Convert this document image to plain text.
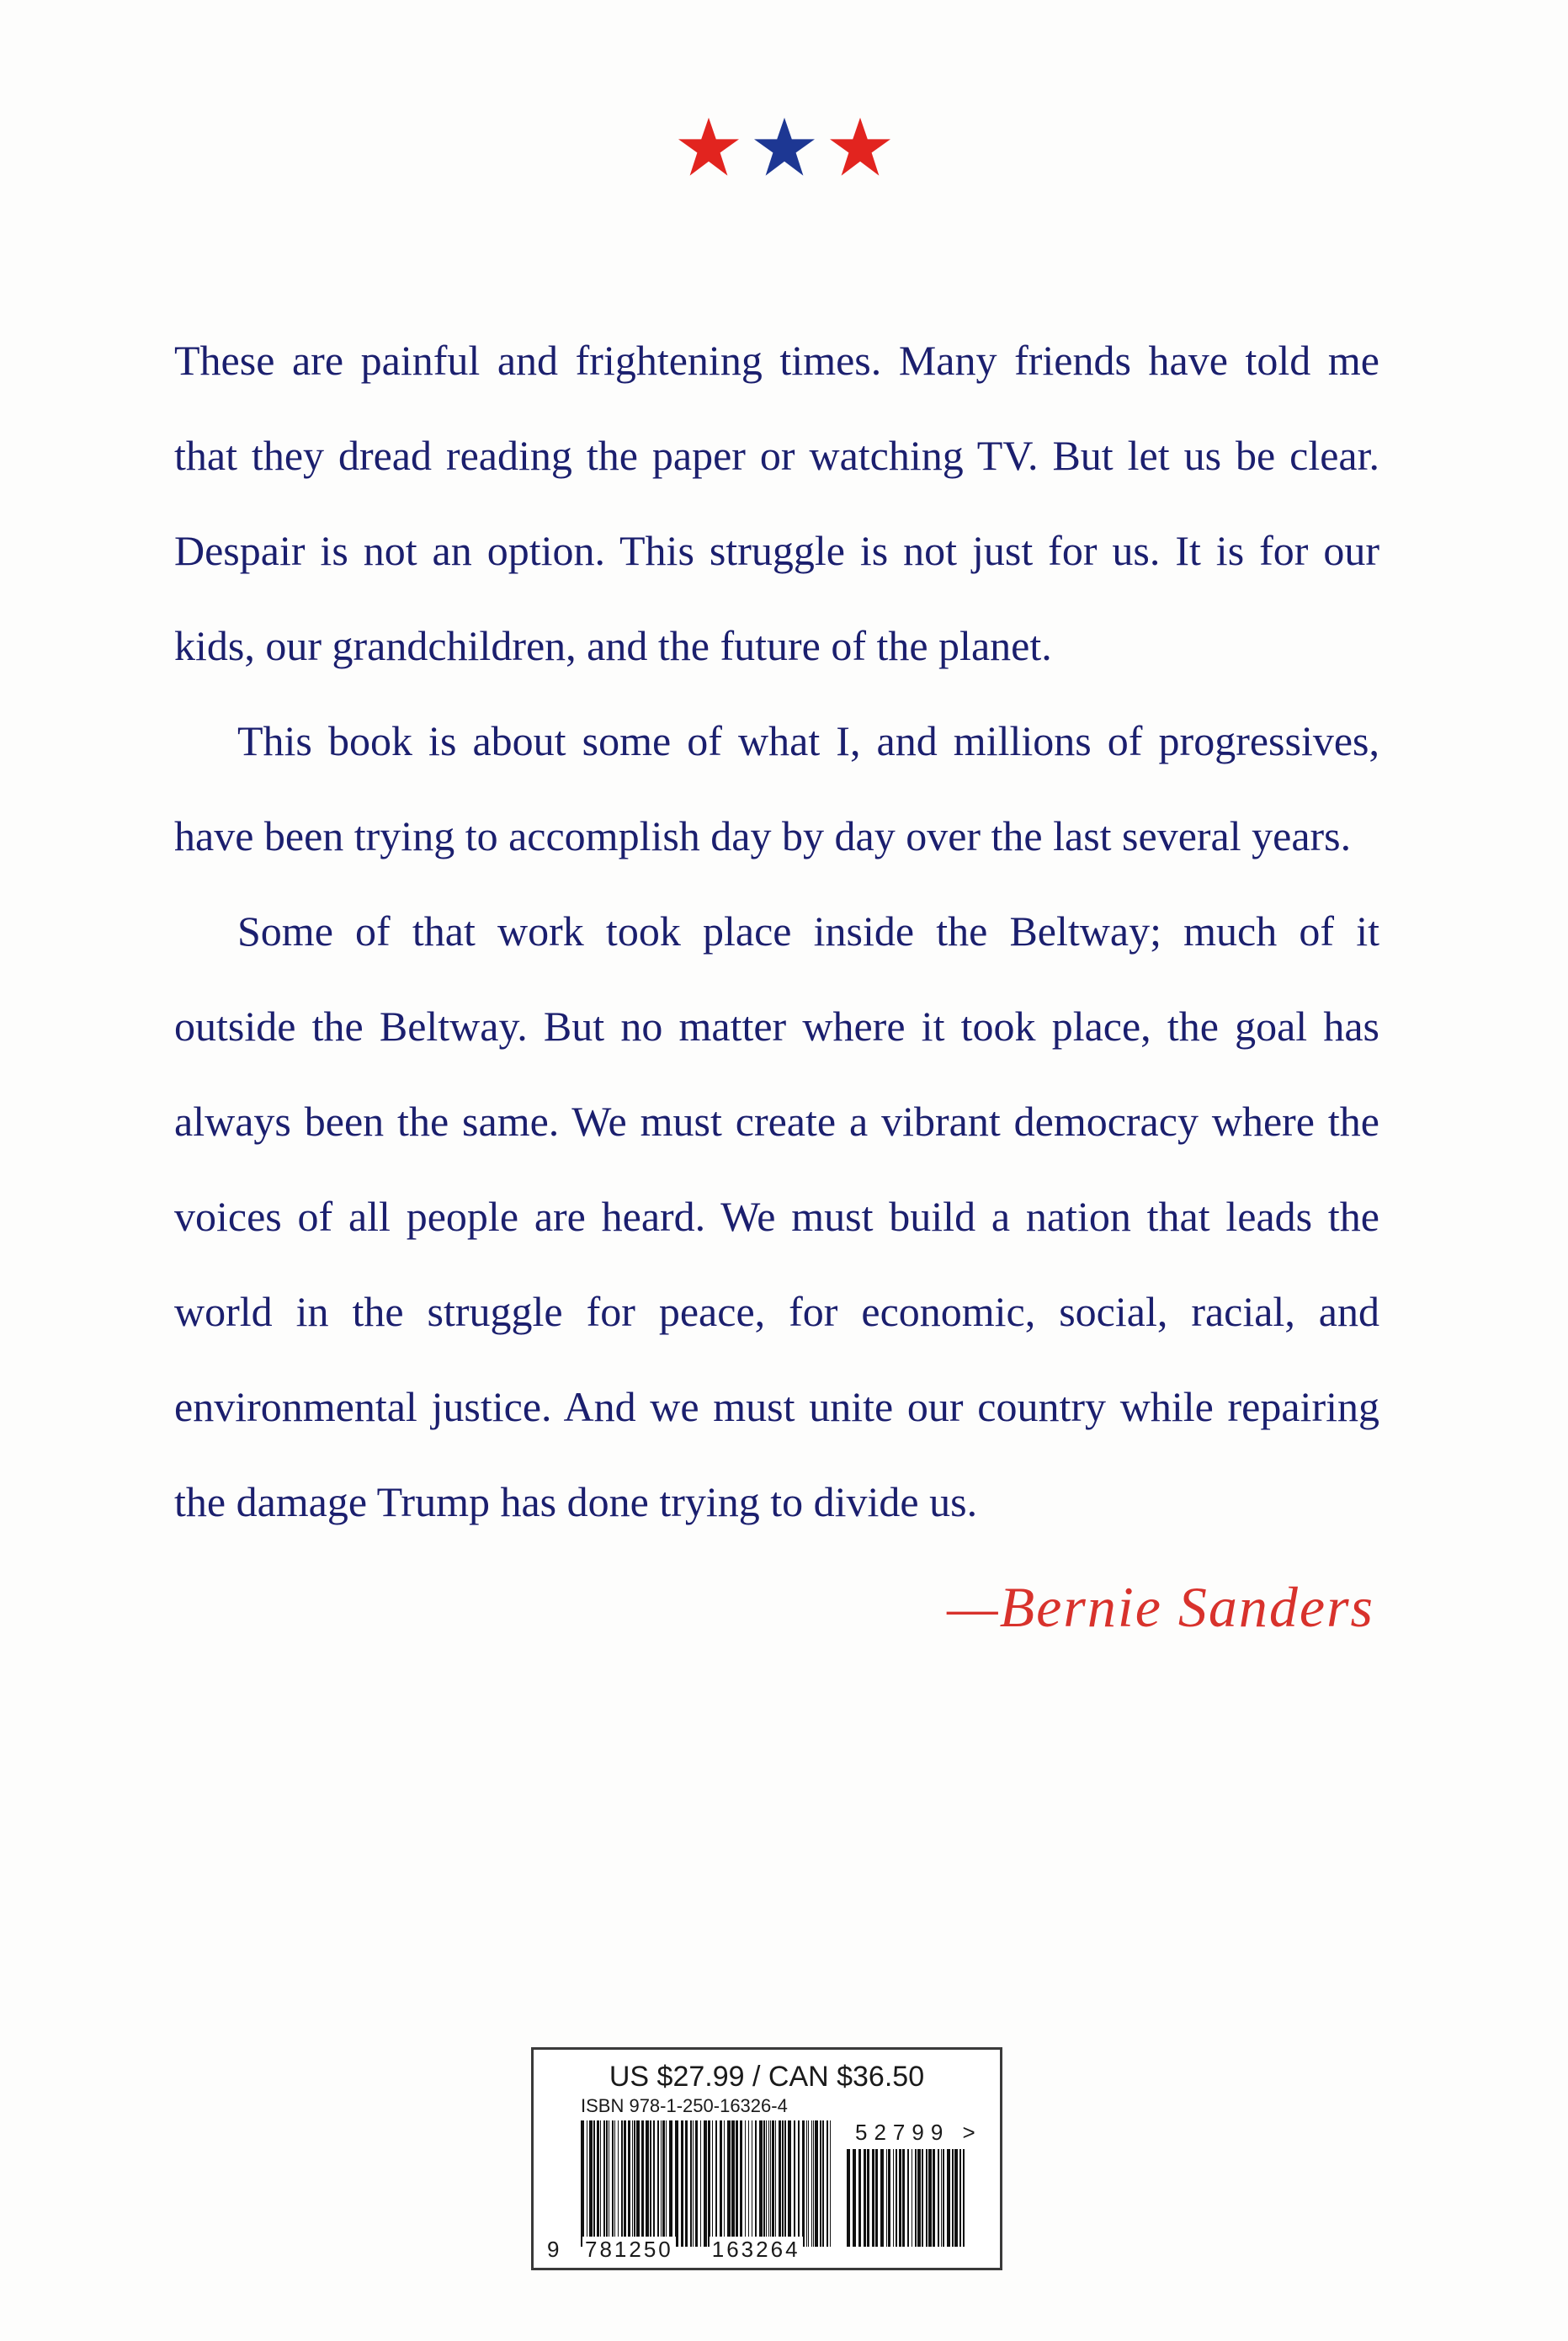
These are painful and frightening times. Many friends have told me that they dread reading the paper or watching TV. But let us be clear. Despair is not an option. This struggle is not just for us. It is for our kids, our grandchildren, and the future of the planet.

This book is about some of what I, and millions of progressives, have been trying to accomplish day by day over the last several years.

Some of that work took place inside the Beltway; much of it outside the Beltway. But no matter where it took place, the goal has always been the same. We must create a vibrant democracy where the voices of all people are heard. We must build a nation that leads the world in the struggle for peace, for economic, social, racial, and environmental justice. And we must unite our country while repairing the damage Trump has done trying to divide us.

—Bernie Sanders
US $27.99 / CAN $36.50
ISBN 978-1-250-16326-4
52799 >
9	781250 163264
